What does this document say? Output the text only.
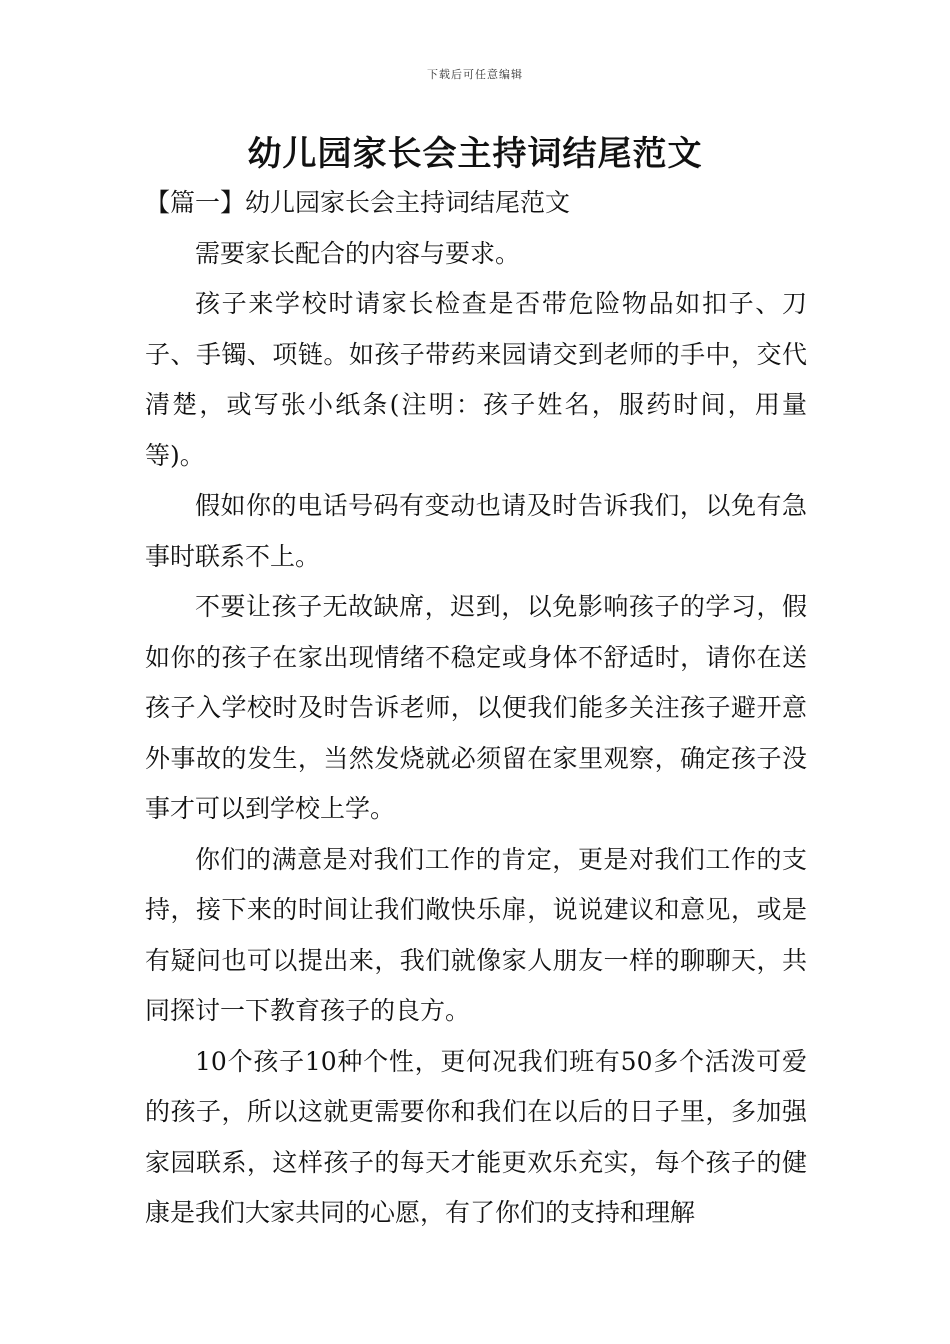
下载后可任意编辑
幼儿园家长会主持词结尾范文
【篇一】幼儿园家长会主持词结尾范文

需要家长配合的内容与要求。

孩子来学校时请家长检查是否带危险物品如扣子、刀子、手镯、项链。如孩子带药来园请交到老师的手中，交代清楚，或写张小纸条(注明：孩子姓名，服药时间，用量等)。

假如你的电话号码有变动也请及时告诉我们，以免有急事时联系不上。

不要让孩子无故缺席，迟到，以免影响孩子的学习，假如你的孩子在家出现情绪不稳定或身体不舒适时，请你在送孩子入学校时及时告诉老师，以便我们能多关注孩子避开意外事故的发生，当然发烧就必须留在家里观察，确定孩子没事才可以到学校上学。

你们的满意是对我们工作的肯定，更是对我们工作的支持，接下来的时间让我们敞快乐扉，说说建议和意见，或是有疑问也可以提出来，我们就像家人朋友一样的聊聊天，共同探讨一下教育孩子的良方。

10个孩子10种个性，更何况我们班有50多个活泼可爱的孩子，所以这就更需要你和我们在以后的日子里，多加强家园联系，这样孩子的每天才能更欢乐充实，每个孩子的健康是我们大家共同的心愿，有了你们的支持和理解
